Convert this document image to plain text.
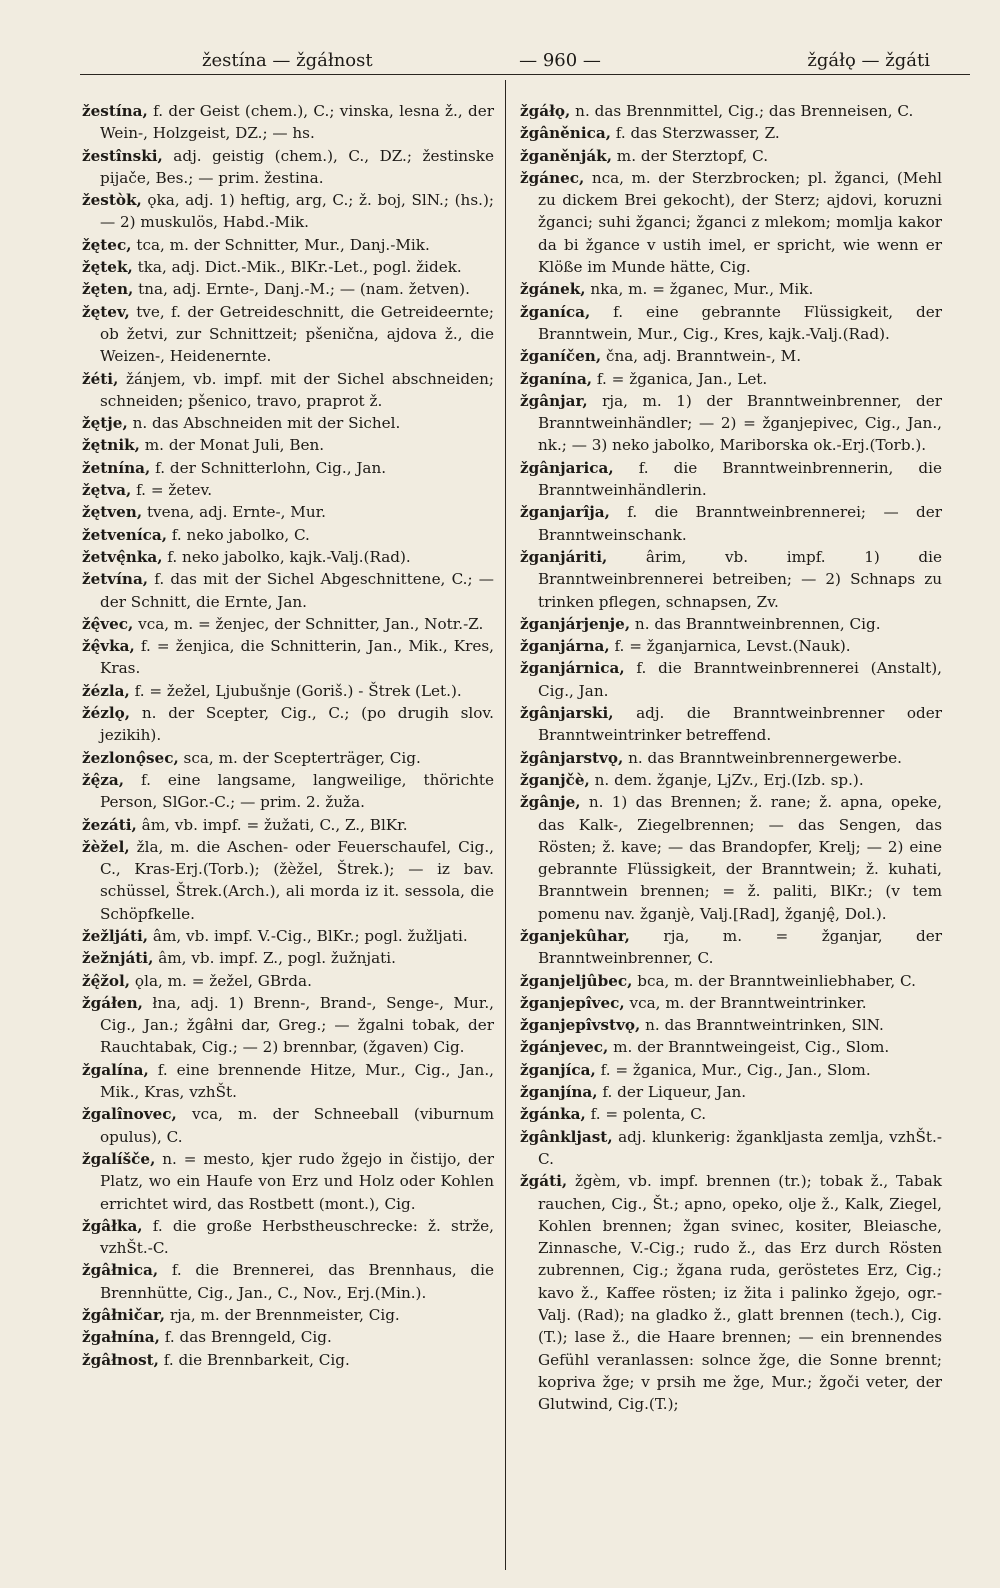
žestína — žgáłnost	— 960 —	žgáłǫ — žgáti
žestína, f. der Geist (chem.), C.; vinska, lesna ž., der Wein-, Holzgeist, DZ.; — hs.
žestînski, adj. geistig (chem.), C., DZ.; žestinske pijače, Bes.; — prim. žestina.
žestòk, ǫka, adj. 1) heftig, arg, C.; ž. boj, SlN.; (hs.); — 2) muskulös, Habd.-Mik.
žętec, tca, m. der Schnitter, Mur., Danj.-Mik.
žętek, tka, adj. Dict.-Mik., BlKr.-Let., pogl. židek.
žęten, tna, adj. Ernte-, Danj.-M.; — (nam. žetven).
žętev, tve, f. der Getreideschnitt, die Getreideernte; ob žetvi, zur Schnittzeit; pšenična, ajdova ž., die Weizen-, Heidenernte.
žéti, žánjem, vb. impf. mit der Sichel abschneiden; schneiden; pšenico, travo, praprot ž.
žętje, n. das Abschneiden mit der Sichel.
žętnik, m. der Monat Juli, Ben.
žetnína, f. der Schnitterlohn, Cig., Jan.
žętva, f. = žetev.
žętven, tvena, adj. Ernte-, Mur.
žetvenı́ca, f. neko jabolko, C.
žetvę̂nka, f. neko jabolko, kajk.-Valj.(Rad).
žetvína, f. das mit der Sichel Abgeschnittene, C.; — der Schnitt, die Ernte, Jan.
žę̂vec, vca, m. = ženjec, der Schnitter, Jan., Notr.-Z.
žę̂vka, f. = ženjica, die Schnitterin, Jan., Mik., Kres, Kras.
žézla, f. = žežel, Ljubušnje (Goriš.) - Štrek (Let.).
žézlǫ, n. der Scepter, Cig., C.; (po drugih slov. jezikih).
žezlonǫ̂sec, sca, m. der Scepterträger, Cig.
žę̂za, f. eine langsame, langweilige, thörichte Person, SlGor.-C.; — prim. 2. žuža.
žezáti, âm, vb. impf. = žužati, C., Z., BlKr.
žèžel, žla, m. die Aschen- oder Feuerschaufel, Cig., C., Kras-Erj.(Torb.); (žèžel, Štrek.); — iz bav. schüssel, Štrek.(Arch.), ali morda iz it. sessola, die Schöpfkelle.
žežljáti, âm, vb. impf. V.-Cig., BlKr.; pogl. žužljati.
žežnjáti, âm, vb. impf. Z., pogl. žužnjati.
žę̂žol, ǫla, m. = žežel, GBrda.
žgáłen, łna, adj. 1) Brenn-, Brand-, Senge-, Mur., Cig., Jan.; žgâłni dar, Greg.; — žgalni tobak, der Rauchtabak, Cig.; — 2) brennbar, (žgaven) Cig.
žgalína, f. eine brennende Hitze, Mur., Cig., Jan., Mik., Kras, vzhŠt.
žgalînovec, vca, m. der Schneeball (viburnum opulus), C.
žgalíšče, n. = mesto, kjer rudo žgejo in čistijo, der Platz, wo ein Haufe von Erz und Holz oder Kohlen errichtet wird, das Rostbett (mont.), Cig.
žgâłka, f. die große Herbstheuschrecke: ž. strže, vzhŠt.-C.
žgâłnica, f. die Brennerei, das Brennhaus, die Brennhütte, Cig., Jan., C., Nov., Erj.(Min.).
žgâłničar, rja, m. der Brennmeister, Cig.
žgałnína, f. das Brenngeld, Cig.
žgâłnost, f. die Brennbarkeit, Cig.
žgáłǫ, n. das Brennmittel, Cig.; das Brenneisen, C.
žgâněnica, f. das Sterzwasser, Z.
žganěnják, m. der Sterztopf, C.
žgánec, nca, m. der Sterzbrocken; pl. žganci, (Mehl zu dickem Brei gekocht), der Sterz; ajdovi, koruzni žganci; suhi žganci; žganci z mlekom; momlja kakor da bi žgance v ustih imel, er spricht, wie wenn er Klöße im Munde hätte, Cig.
žgánek, nka, m. = žganec, Mur., Mik.
žganíca, f. eine gebrannte Flüssigkeit, der Branntwein, Mur., Cig., Kres, kajk.-Valj.(Rad).
žganíčen, čna, adj. Branntwein-, M.
žganína, f. = žganica, Jan., Let.
žgânjar, rja, m. 1) der Branntweinbrenner, der Branntweinhändler; — 2) = žganjepivec, Cig., Jan., nk.; — 3) neko jabolko, Mariborska ok.-Erj.(Torb.).
žgânjarica, f. die Branntweinbrennerin, die Branntweinhändlerin.
žganjarîja, f. die Branntweinbrennerei; — der Branntweinschank.
žganjáriti, ârim, vb. impf. 1) die Branntweinbrennerei betreiben; — 2) Schnaps zu trinken pflegen, schnapsen, Zv.
žganjárjenje, n. das Branntweinbrennen, Cig.
žganjárna, f. = žganjarnica, Levst.(Nauk).
žganjárnica, f. die Branntweinbrennerei (Anstalt), Cig., Jan.
žgânjarski, adj. die Branntweinbrenner oder Branntweintrinker betreffend.
žgânjarstvǫ, n. das Branntweinbrennergewerbe.
žganjčè, n. dem. žganje, LjZv., Erj.(Izb. sp.).
žgânje, n. 1) das Brennen; ž. rane; ž. apna, opeke, das Kalk-, Ziegelbrennen; — das Sengen, das Rösten; ž. kave; — das Brandopfer, Krelj; — 2) eine gebrannte Flüssigkeit, der Branntwein; ž. kuhati, Branntwein brennen; = ž. paliti, BlKr.; (v tem pomenu nav. žganjè, Valj.[Rad], žganję̂, Dol.).
žganjekûhar, rja, m. = žganjar, der Branntweinbrenner, C.
žganjeljûbec, bca, m. der Branntweinliebhaber, C.
žganjepîvec, vca, m. der Branntweintrinker.
žganjepîvstvǫ, n. das Branntweintrinken, SlN.
žgánjevec, m. der Branntweingeist, Cig., Slom.
žganjíca, f. = žganica, Mur., Cig., Jan., Slom.
žganjína, f. der Liqueur, Jan.
žgánka, f. = polenta, C.
žgânkljast, adj. klunkerig: žgankljasta zemlja, vzhŠt.-C.
žgáti, žgèm, vb. impf. brennen (tr.); tobak ž., Tabak rauchen, Cig., Št.; apno, opeko, olje ž., Kalk, Ziegel, Kohlen brennen; žgan svinec, kositer, Bleiasche, Zinnasche, V.-Cig.; rudo ž., das Erz durch Rösten zubrennen, Cig.; žgana ruda, geröstetes Erz, Cig.; kavo ž., Kaffee rösten; iz žita i palinko žgejo, ogr.-Valj. (Rad); na gladko ž., glatt brennen (tech.), Cig.(T.); lase ž., die Haare brennen; — ein brennendes Gefühl veranlassen: solnce žge, die Sonne brennt; kopriva žge; v prsih me žge, Mur.; žgoči veter, der Glutwind, Cig.(T.);
